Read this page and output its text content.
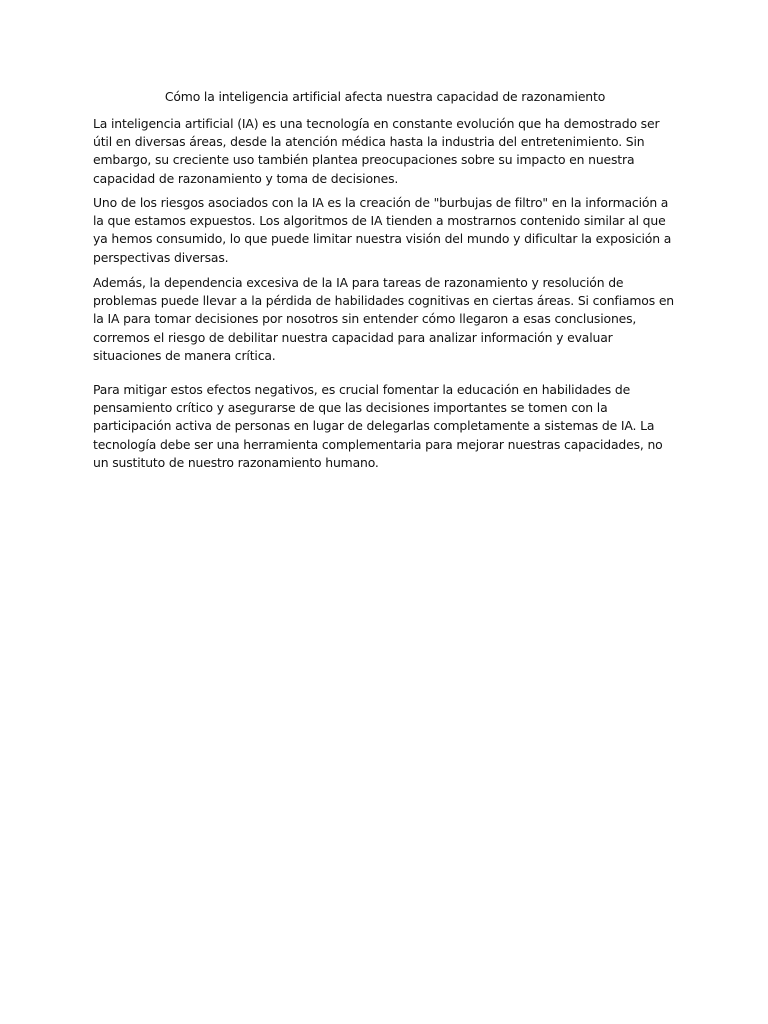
Cómo la inteligencia artificial afecta nuestra capacidad de razonamiento

La inteligencia artificial (IA) es una tecnología en constante evolución que ha demostrado ser útil en diversas áreas, desde la atención médica hasta la industria del entretenimiento. Sin embargo, su creciente uso también plantea preocupaciones sobre su impacto en nuestra capacidad de razonamiento y toma de decisiones.

Uno de los riesgos asociados con la IA es la creación de "burbujas de filtro" en la información a la que estamos expuestos. Los algoritmos de IA tienden a mostrarnos contenido similar al que ya hemos consumido, lo que puede limitar nuestra visión del mundo y dificultar la exposición a perspectivas diversas.

Además, la dependencia excesiva de la IA para tareas de razonamiento y resolución de problemas puede llevar a la pérdida de habilidades cognitivas en ciertas áreas. Si confiamos en la IA para tomar decisiones por nosotros sin entender cómo llegaron a esas conclusiones, corremos el riesgo de debilitar nuestra capacidad para analizar información y evaluar situaciones de manera crítica.

Para mitigar estos efectos negativos, es crucial fomentar la educación en habilidades de pensamiento crítico y asegurarse de que las decisiones importantes se tomen con la participación activa de personas en lugar de delegarlas completamente a sistemas de IA. La tecnología debe ser una herramienta complementaria para mejorar nuestras capacidades, no un sustituto de nuestro razonamiento humano.
